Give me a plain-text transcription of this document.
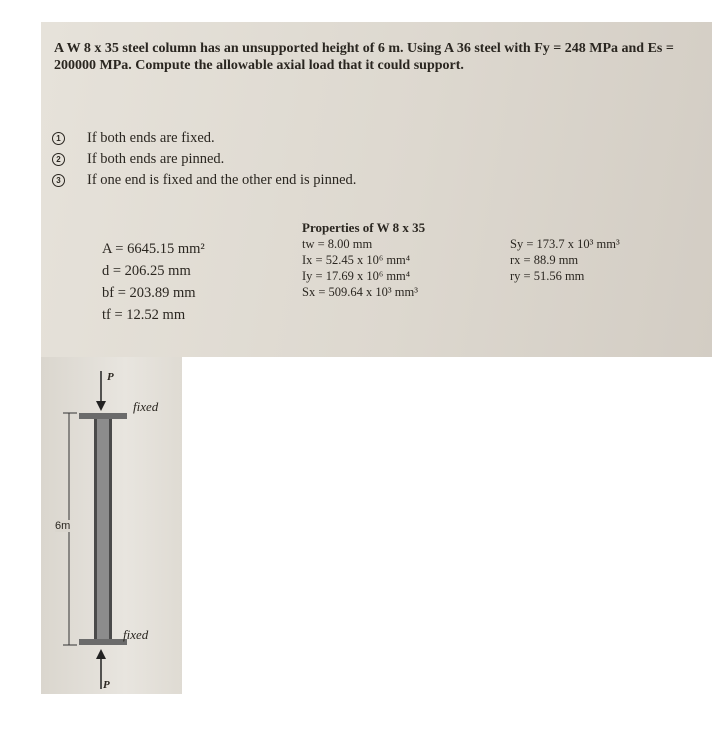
A W 8 x 35 steel column has an unsupported height of 6 m. Using A 36 steel with Fy = 248 MPa and Es = 200000 MPa. Compute the allowable axial load that it could support.

1 If both ends are fixed.
2 If both ends are pinned.
3 If one end is fixed and the other end is pinned.
A = 6645.15 mm²
d = 206.25 mm
bf = 203.89 mm
tf = 12.52 mm
Properties of W 8 x 35
tw = 8.00 mm
Ix = 52.45 x 10⁶ mm⁴
Iy = 17.69 x 10⁶ mm⁴
Sx = 509.64 x 10³ mm³
Sy = 173.7 x 10³ mm³
rx = 88.9 mm
ry = 51.56 mm
P
fixed
6m
fixed
P
